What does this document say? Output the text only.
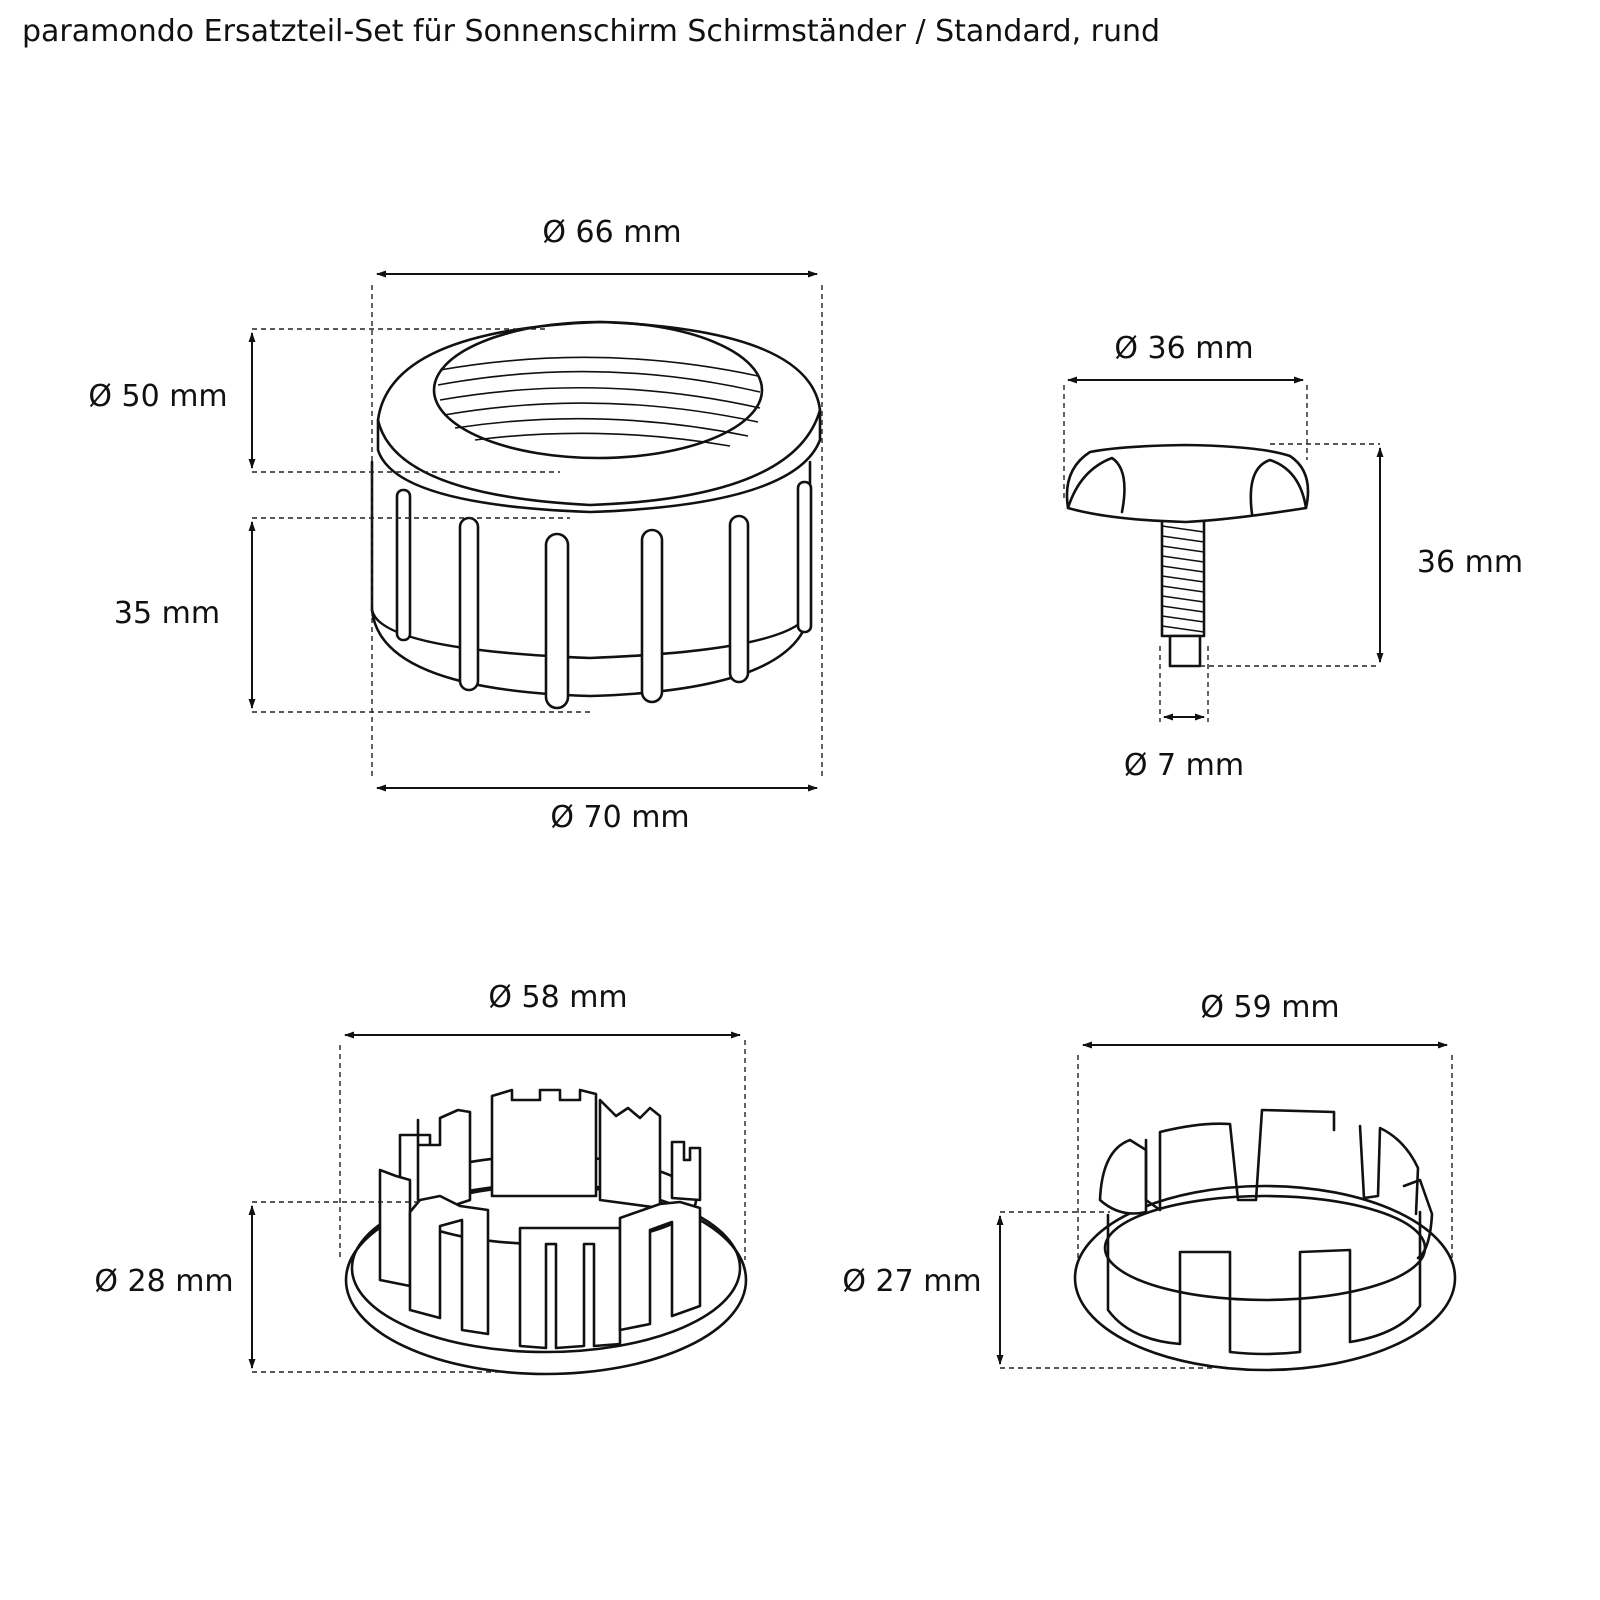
paramondo Ersatzteil-Set für Sonnenschirm Schirmständer / Standard, rund
Ø 66 mm
Ø 50 mm
35 mm
Ø 70 mm
Ø 36 mm
36 mm
Ø 7 mm
Ø 58 mm
Ø 28 mm
Ø 59 mm
Ø 27 mm
